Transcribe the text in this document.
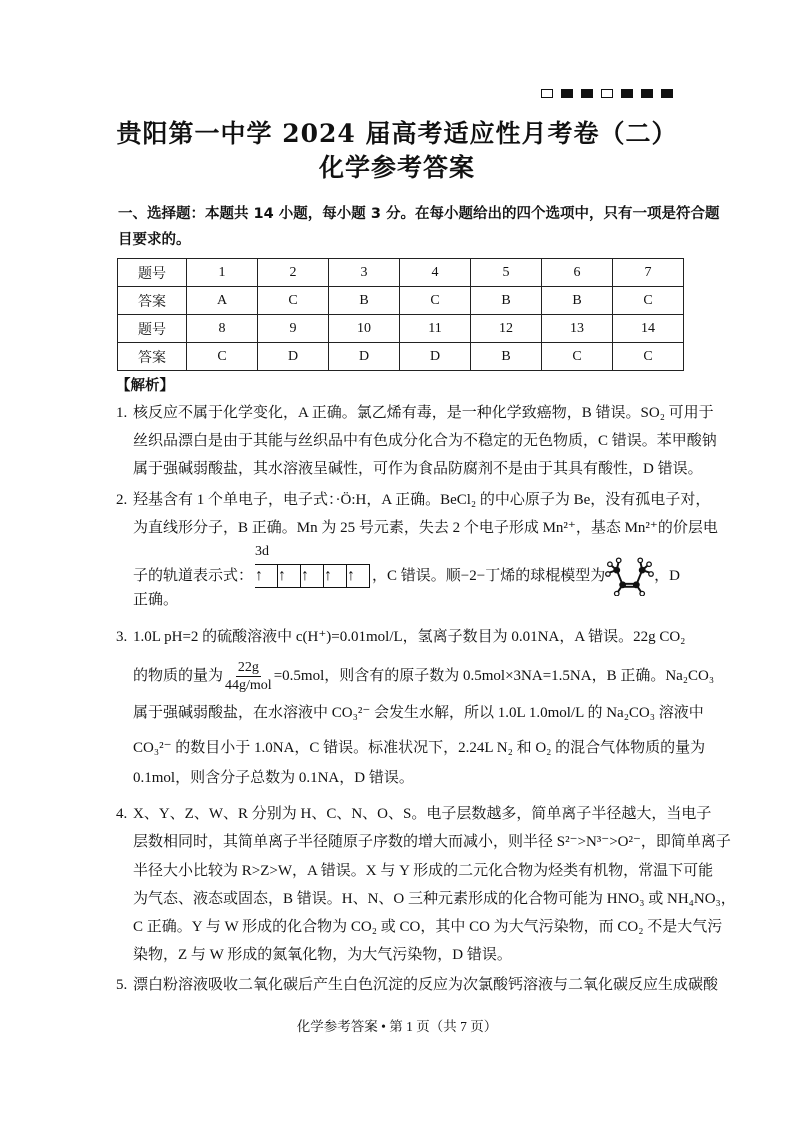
贵阳第一中学 2024 届高考适应性月考卷（二）
化学参考答案
一、选择题：本题共 14 小题，每小题 3 分。在每小题给出的四个选项中，只有一项是符合题
目要求的。
题号	1	2	3	4	5	6	7
答案	A	C	B	C	B	B	C
题号	8	9	10	11	12	13	14
答案	C	D	D	D	B	C	C
【解析】
1. 核反应不属于化学变化，A 正确。氯乙烯有毒，是一种化学致癌物，B 错误。SO₂ 可用于
丝织品漂白是由于其能与丝织品中有色成分化合为不稳定的无色物质，C 错误。苯甲酸钠
属于强碱弱酸盐，其水溶液呈碱性，可作为食品防腐剂不是由于其具有酸性，D 错误。
2. 羟基含有 1 个单电子，电子式：·Ö:H，A 正确。BeCl₂ 的中心原子为 Be，没有孤电子对，
为直线形分子，B 正确。Mn 为 25 号元素，失去 2 个电子形成 Mn²⁺，基态 Mn²⁺的价层电
子的轨道表示式：
3d
↑ ↑ ↑ ↑ ↑	，C 错误。顺−2−丁烯的球棍模型为	，D
正确。
3. 1.0L pH=2 的硫酸溶液中 c(H⁺)=0.01mol/L，氢离子数目为 0.01NA，A 错误。22g CO₂
的物质的量为 $\frac{22g}{\text{44g/mol}} =0.5mol$，则含有的原子数为 0.5mol×3NA=1.5NA，B 正确。Na₂CO₃
属于强碱弱酸盐，在水溶液中 CO₃²⁻ 会发生水解，所以 1.0L 1.0mol/L 的 Na₂CO₃ 溶液中
CO₃²⁻ 的数目小于 1.0NA，C 错误。标准状况下，2.24L N₂ 和 O₂ 的混合气体物质的量为
0.1mol，则含分子总数为 0.1NA，D 错误。
4. X、Y、Z、W、R 分别为 H、C、N、O、S。电子层数越多，简单离子半径越大，当电子
层数相同时，其简单离子半径随原子序数的增大而减小，则半径 S²⁻>N³⁻>O²⁻，即简单离子
半径大小比较为 R>Z>W，A 错误。X 与 Y 形成的二元化合物为烃类有机物，常温下可能
为气态、液态或固态，B 错误。H、N、O 三种元素形成的化合物可能为 HNO₃ 或 NH₄NO₃，
C 正确。Y 与 W 形成的化合物为 CO₂ 或 CO，其中 CO 为大气污染物，而 CO₂ 不是大气污
染物，Z 与 W 形成的氮氧化物，为大气污染物，D 错误。
5. 漂白粉溶液吸收二氧化碳后产生白色沉淀的反应为次氯酸钙溶液与二氧化碳反应生成碳酸
化学参考答案 • 第 1 页（共 7 页）
